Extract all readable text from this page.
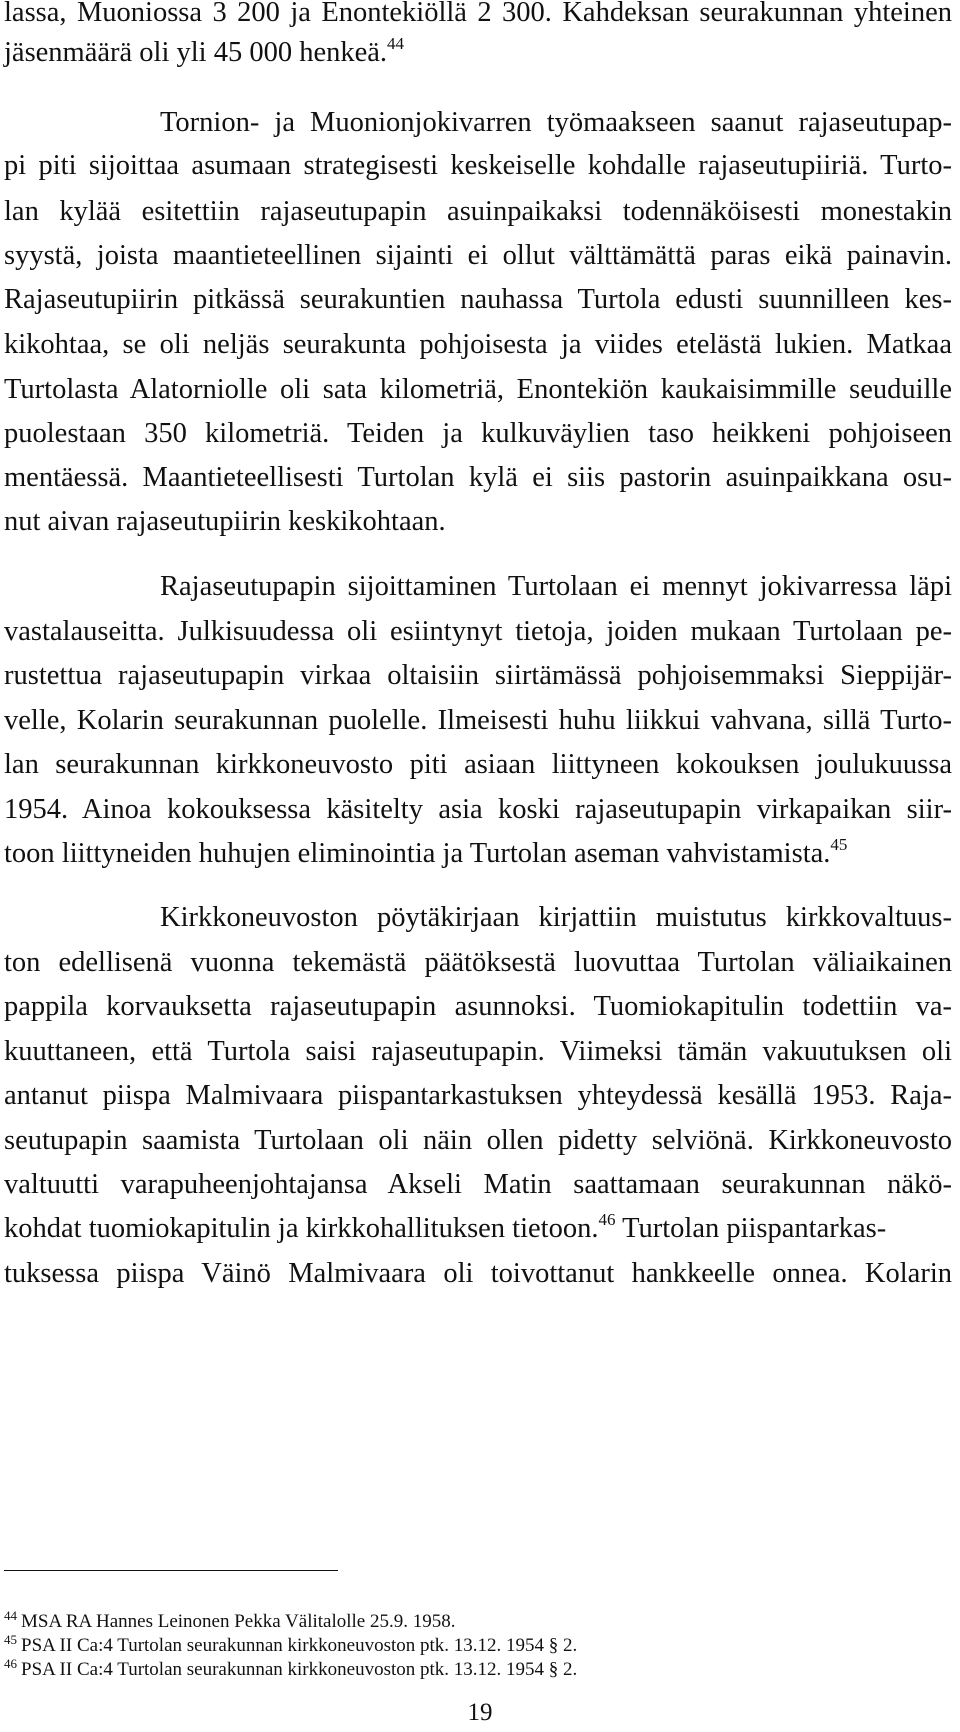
lassa, Muoniossa 3 200 ja Enontekiöllä 2 300. Kahdeksan seurakunnan yhteinen
jäsenmäärä oli yli 45 000 henkeä.$^{44}$
Tornion- ja Muonionjokivarren työmaakseen saanut rajaseutupap-
pi piti sijoittaa asumaan strategisesti keskeiselle kohdalle rajaseutupiiriä. Turto-
lan kylää esitettiin rajaseutupapin asuinpaikaksi todennäköisesti monestakin
syystä, joista maantieteellinen sijainti ei ollut välttämättä paras eikä painavin.
Rajaseutupiirin pitkässä seurakuntien nauhassa Turtola edusti suunnilleen kes-
kikohtaa, se oli neljäs seurakunta pohjoisesta ja viides etelästä lukien. Matkaa
Turtolasta Alatorniolle oli sata kilometriä, Enontekiön kaukaisimmille seuduille
puolestaan 350 kilometriä. Teiden ja kulkuväylien taso heikkeni pohjoiseen
mentäessä. Maantieteellisesti Turtolan kylä ei siis pastorin asuinpaikkana osu-
nut aivan rajaseutupiirin keskikohtaan.
Rajaseutupapin sijoittaminen Turtolaan ei mennyt jokivarressa läpi
vastalauseitta. Julkisuudessa oli esiintynyt tietoja, joiden mukaan Turtolaan pe-
rustettua rajaseutupapin virkaa oltaisiin siirtämässä pohjoisemmaksi Sieppijär-
velle, Kolarin seurakunnan puolelle. Ilmeisesti huhu liikkui vahvana, sillä Turto-
lan seurakunnan kirkkoneuvosto piti asiaan liittyneen kokouksen joulukuussa
1954. Ainoa kokouksessa käsitelty asia koski rajaseutupapin virkapaikan siir-
toon liittyneiden huhujen eliminointia ja Turtolan aseman vahvistamista.$^{45}$
Kirkkoneuvoston pöytäkirjaan kirjattiin muistutus kirkkovaltuus-
ton edellisenä vuonna tekemästä päätöksestä luovuttaa Turtolan väliaikainen
pappila korvauksetta rajaseutupapin asunnoksi. Tuomiokapitulin todettiin va-
kuuttaneen, että Turtola saisi rajaseutupapin. Viimeksi tämän vakuutuksen oli
antanut piispa Malmivaara piispantarkastuksen yhteydessä kesällä 1953. Raja-
seutupapin saamista Turtolaan oli näin ollen pidetty selviönä. Kirkkoneuvosto
valtuutti varapuheenjohtajansa Akseli Matin saattamaan seurakunnan näkö-
kohdat tuomiokapitulin ja kirkkohallituksen tietoon.$^{46}$ Turtolan piispantarkas-
tuksessa piispa Väinö Malmivaara oli toivottanut hankkeelle onnea. Kolarin
$^{44}$ MSA RA Hannes Leinonen Pekka Välitalolle 25.9. 1958.
$^{45}$ PSA II Ca:4 Turtolan seurakunnan kirkkoneuvoston ptk. 13.12. 1954 § 2.
$^{46}$ PSA II Ca:4 Turtolan seurakunnan kirkkoneuvoston ptk. 13.12. 1954 § 2.
19
